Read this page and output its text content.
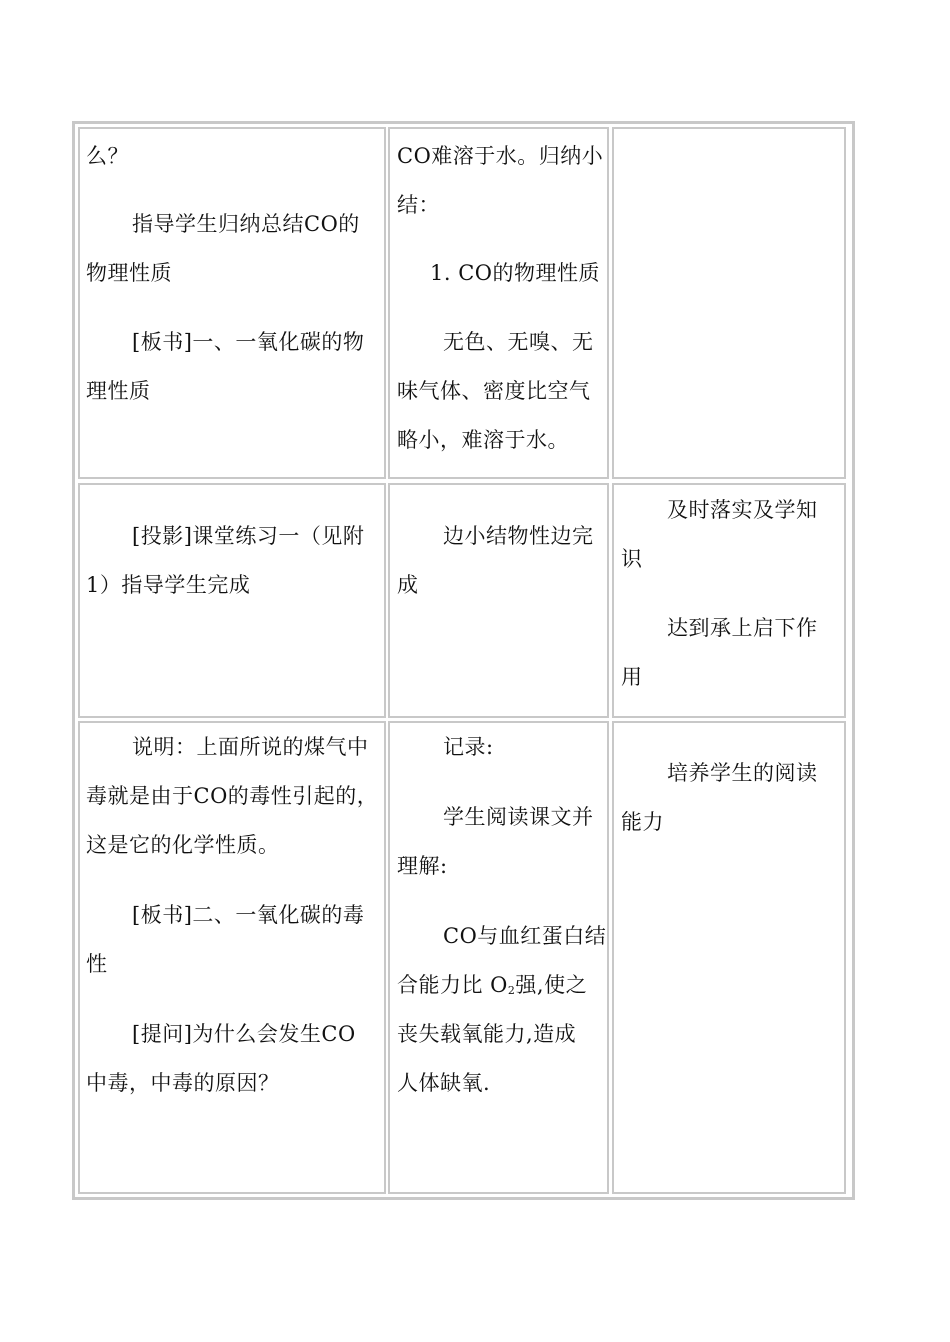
么？
指导学生归纳总结CO的
物理性质
[板书]一、一氧化碳的物
理性质
CO难溶于水。归纳小
结：
1. CO的物理性质
无色、无嗅、无
味气体、密度比空气
略小，难溶于水。
[投影]课堂练习一（见附
1）指导学生完成
边小结物性边完
成
及时落实及学知
识
达到承上启下作
用
说明：上面所说的煤气中
毒就是由于CO的毒性引起的，
这是它的化学性质。
[板书]二、一氧化碳的毒
性
[提问]为什么会发生CO
中毒，中毒的原因？
记录:
学生阅读课文并
理解:
CO与血红蛋白结
合能力比 $O_2$强,使之
丧失载氧能力,造成
人体缺氧.
培养学生的阅读
能力
